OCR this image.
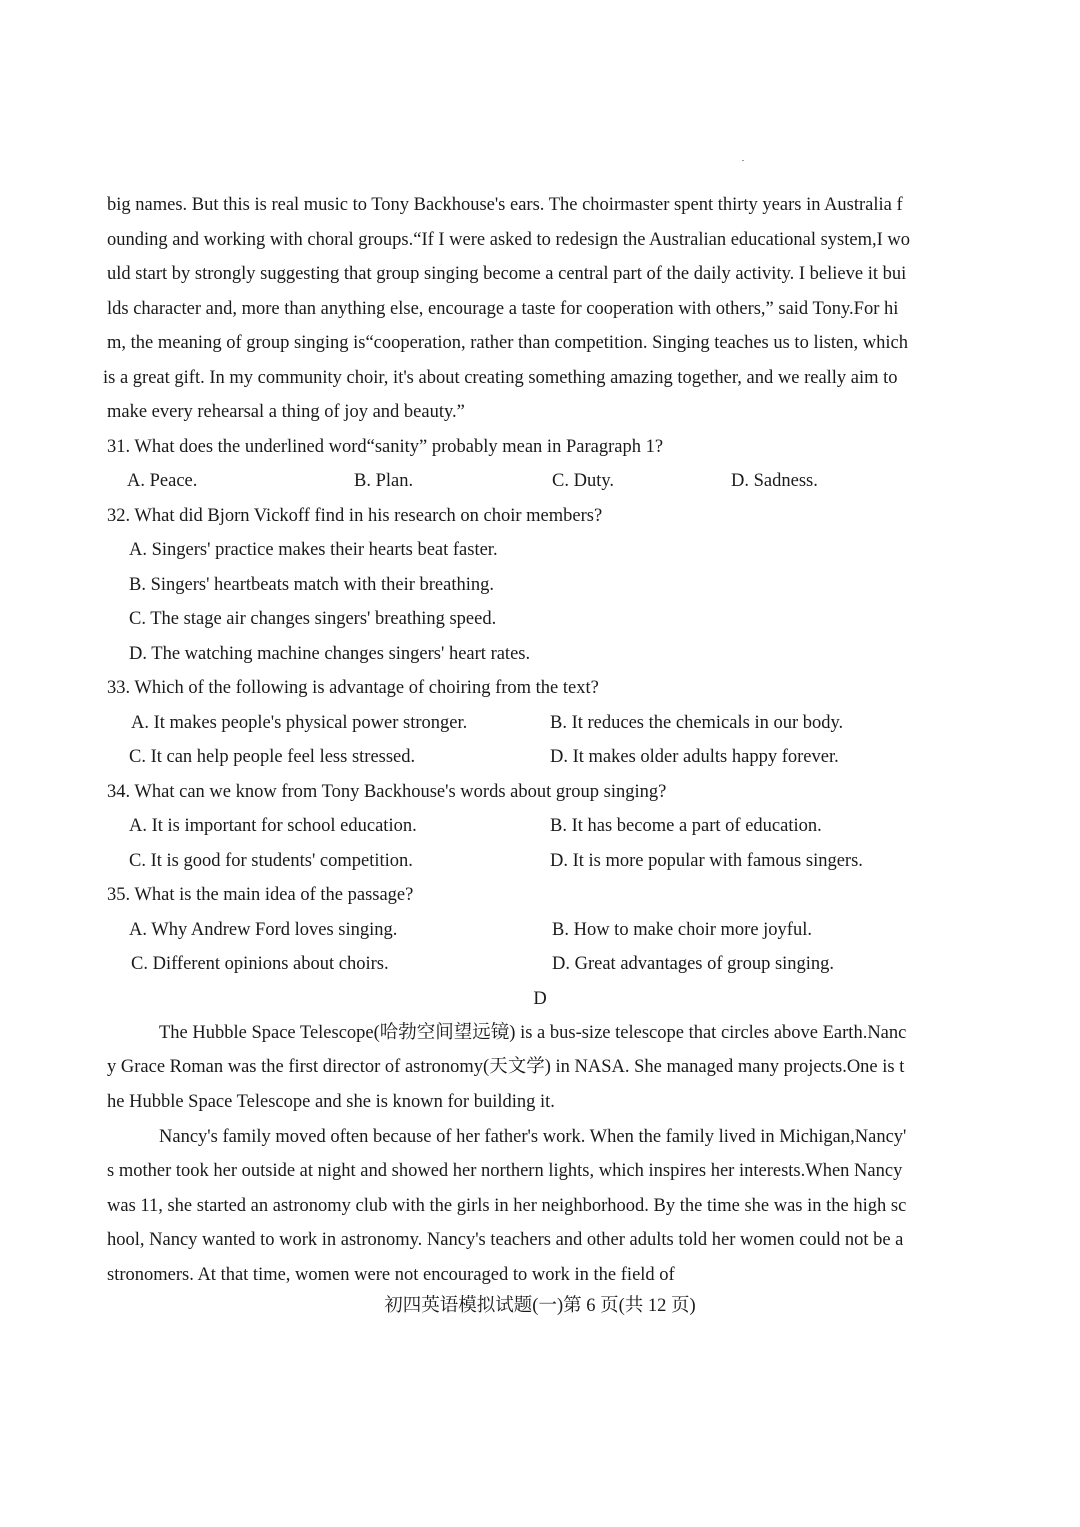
big names. But this is real music to Tony Backhouse's ears. The choirmaster spent thirty years in Australia f
ounding and working with choral groups.“If I were asked to redesign the Australian educational system,I wo
uld start by strongly suggesting that group singing become a central part of the daily activity. I believe it bui
lds character and, more than anything else, encourage a taste for cooperation with others,” said Tony.For hi
m, the meaning of group singing is“cooperation, rather than competition. Singing teaches us to listen, which
is a great gift. In my community choir, it's about creating something amazing together, and we really aim to
make every rehearsal a thing of joy and beauty.”
31. What does the underlined word“sanity” probably mean in Paragraph 1?
A. Peace.	B. Plan.	C. Duty.	D. Sadness.
32. What did Bjorn Vickoff find in his research on choir members?
A. Singers' practice makes their hearts beat faster.
B. Singers' heartbeats match with their breathing.
C. The stage air changes singers' breathing speed.
D. The watching machine changes singers' heart rates.
33. Which of the following is advantage of choiring from the text?
A. It makes people's physical power stronger.	B. It reduces the chemicals in our body.
C. It can help people feel less stressed.	D. It makes older adults happy forever.
34. What can we know from Tony Backhouse's words about group singing?
A. It is important for school education.	B. It has become a part of education.
C. It is good for students' competition.	D. It is more popular with famous singers.
35. What is the main idea of the passage?
A. Why Andrew Ford loves singing.	B. How to make choir more joyful.
C. Different opinions about choirs.	D. Great advantages of group singing.
D
The Hubble Space Telescope(哈勃空间望远镜) is a bus-size telescope that circles above Earth.Nanc
y Grace Roman was the first director of astronomy(天文学) in NASA. She managed many projects.One is t
he Hubble Space Telescope and she is known for building it.
Nancy's family moved often because of her father's work. When the family lived in Michigan,Nancy'
s mother took her outside at night and showed her northern lights, which inspires her interests.When Nancy
was 11, she started an astronomy club with the girls in her neighborhood. By the time she was in the high sc
hool, Nancy wanted to work in astronomy. Nancy's teachers and other adults told her women could not be a
stronomers. At that time, women were not encouraged to work in the field of
初四英语模拟试题(一)第 6 页(共 12 页)
